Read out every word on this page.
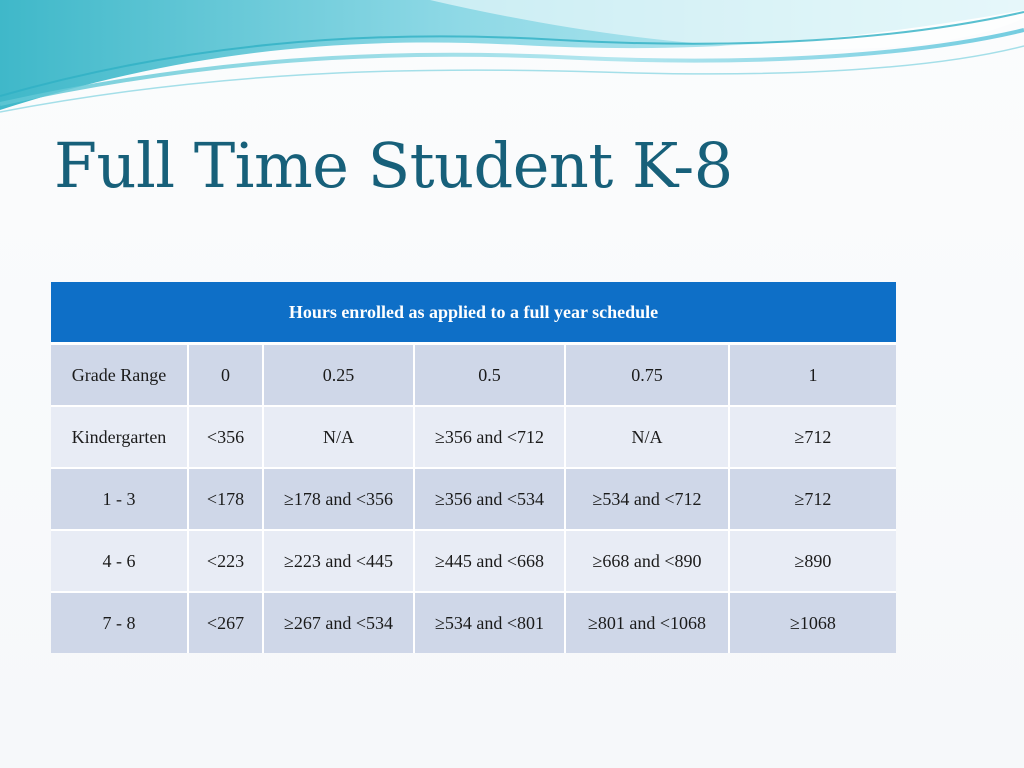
Full Time Student K-8
Hours enrolled as applied to a full year schedule					
Grade Range	0	0.25	0.5	0.75	1
Kindergarten	<356	N/A	≥356 and <712	N/A	≥712
1 - 3	<178	≥178 and <356	≥356 and <534	≥534 and <712	≥712
4 - 6	<223	≥223 and <445	≥445 and <668	≥668 and <890	≥890
7 - 8	<267	≥267 and <534	≥534 and <801	≥801 and <1068	≥1068
